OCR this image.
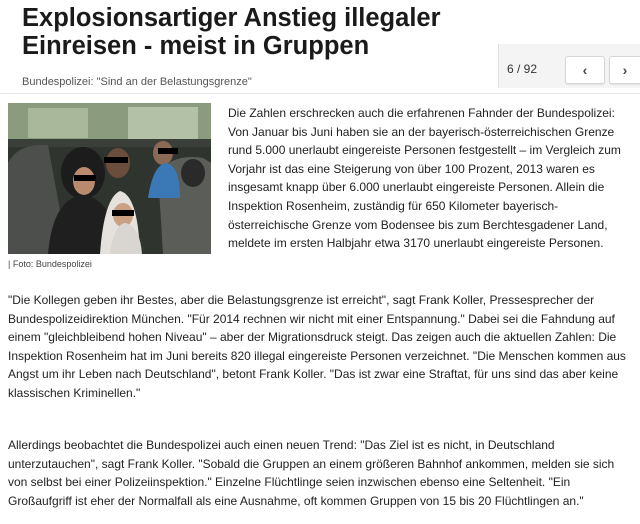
Explosionsartiger Anstieg illegaler Einreisen - meist in Gruppen
Bundespolizei: "Sind an der Belastungsgrenze"
6 / 92	‹	›
| Foto: Bundespolizei
Die Zahlen erschrecken auch die erfahrenen Fahnder der Bundespolizei: Von Januar bis Juni haben sie an der bayerisch-österreichischen Grenze rund 5.000 unerlaubt eingereiste Personen festgestellt – im Vergleich zum Vorjahr ist das eine Steigerung von über 100 Prozent, 2013 waren es insgesamt knapp über 6.000 unerlaubt eingereiste Personen. Allein die Inspektion Rosenheim, zuständig für 650 Kilometer bayerisch-österreichische Grenze vom Bodensee bis zum Berchtesgadener Land, meldete im ersten Halbjahr etwa 3170 unerlaubt eingereiste Personen.
"Die Kollegen geben ihr Bestes, aber die Belastungsgrenze ist erreicht", sagt Frank Koller, Pressesprecher der Bundespolizeidirektion München. "Für 2014 rechnen wir nicht mit einer Entspannung." Dabei sei die Fahndung auf einem "gleichbleibend hohen Niveau" – aber der Migrationsdruck steigt. Das zeigen auch die aktuellen Zahlen: Die Inspektion Rosenheim hat im Juni bereits 820 illegal eingereiste Personen verzeichnet. "Die Menschen kommen aus Angst um ihr Leben nach Deutschland", betont Frank Koller. "Das ist zwar eine Straftat, für uns sind das aber keine klassischen Kriminellen."
Allerdings beobachtet die Bundespolizei auch einen neuen Trend: "Das Ziel ist es nicht, in Deutschland unterzutauchen", sagt Frank Koller. "Sobald die Gruppen an einem größeren Bahnhof ankommen, melden sie sich von selbst bei einer Polizeiinspektion." Einzelne Flüchtlinge seien inzwischen ebenso eine Seltenheit. "Ein Großaufgriff ist eher der Normalfall als eine Ausnahme, oft kommen Gruppen von 15 bis 20 Flüchtlingen an."
